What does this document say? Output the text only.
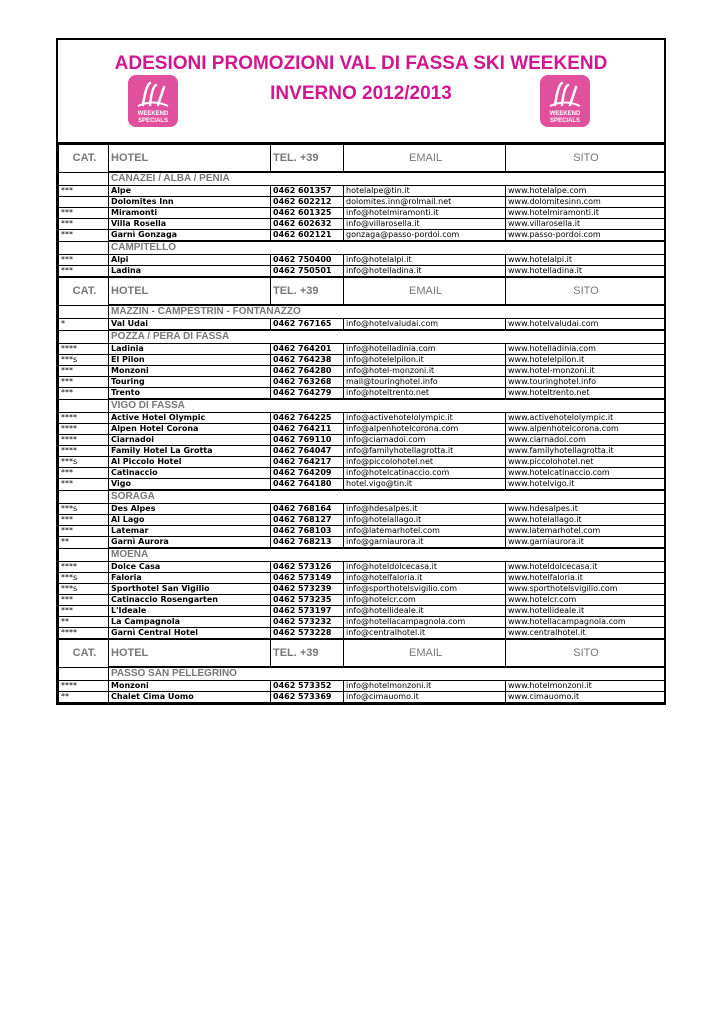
ADESIONI PROMOZIONI VAL DI FASSA SKI WEEKEND
INVERNO 2012/2013
WEEKEND
SPECIALS
WEEKEND
SPECIALS
CAT.	HOTEL	TEL. +39	EMAIL	SITO
	CANAZEI / ALBA / PENIA			
***	Alpe	0462 601357	hotelalpe@tin.it	www.hotelalpe.com
	Dolomites Inn	0462 602212	dolomites.inn@rolmail.net	www.dolomitesinn.com
***	Miramonti	0462 601325	info@hotelmiramonti.it	www.hotelmiramonti.it
***	Villa Rosella	0462 602632	info@villarosella.it	www.villarosella.it
***	Garnì Gonzaga	0462 602121	gonzaga@passo-pordoi.com	www.passo-pordoi.com
	CAMPITELLO			
***	Alpi	0462 750400	info@hotelalpi.it	www.hotelalpi.it
***	Ladina	0462 750501	info@hotelladina.it	www.hotelladina.it
CAT.	HOTEL	TEL. +39	EMAIL	SITO
	MAZZIN - CAMPESTRIN - FONTANAZZO			
*	Val Udai	0462 767165	info@hotelvaludai.com	www.hotelvaludai.com
	POZZA / PERA DI FASSA			
****	Ladinia	0462 764201	info@hotelladinia.com	www.hotelladinia.com
***s	El Pilon	0462 764238	info@hotelelpilon.it	www.hotelelpilon.it
***	Monzoni	0462 764280	info@hotel-monzoni.it	www.hotel-monzoni.it
***	Touring	0462 763268	mail@touringhotel.info	www.touringhotel.info
***	Trento	0462 764279	info@hoteltrento.net	www.hoteltrento.net
	VIGO DI FASSA			
****	Active Hotel Olympic	0462 764225	info@activehotelolympic.it	www.activehotelolympic.it
****	Alpen Hotel Corona	0462 764211	info@alpenhotelcorona.com	www.alpenhotelcorona.com
****	Ciarnadoi	0462 769110	info@ciarnadoi.com	www.ciarnadoi.com
****	Family Hotel La Grotta	0462 764047	info@familyhotellagrotta.it	www.familyhotellagrotta.it
***s	Al Piccolo Hotel	0462 764217	info@piccolohotel.net	www.piccolohotel.net
***	Catinaccio	0462 764209	info@hotelcatinaccio.com	www.hotelcatinaccio.com
***	Vigo	0462 764180	hotel.vigo@tin.it	www.hotelvigo.it
	SORAGA			
***s	Des Alpes	0462 768164	info@hdesalpes.it	www.hdesalpes.it
***	Al Lago	0462 768127	info@hotelallago.it	www.hotelallago.it
***	Latemar	0462 768103	info@latemarhotel.com	www.latemarhotel.com
**	Garnì Aurora	0462 768213	info@garniaurora.it	www.garniaurora.it
	MOENA			
****	Dolce Casa	0462 573126	info@hoteldolcecasa.it	www.hoteldolcecasa.it
***s	Faloria	0462 573149	info@hotelfaloria.it	www.hotelfaloria.it
***s	Sporthotel San Vigilio	0462 573239	info@sporthotelsvigilio.com	www.sporthotelsvigilio.com
***	Catinaccio Rosengarten	0462 573235	info@hotelcr.com	www.hotelcr.com
***	L'Ideale	0462 573197	info@hotellideale.it	www.hotellideale.it
**	La Campagnola	0462 573232	info@hotellacampagnola.com	www.hotellacampagnola.com
****	Garnì Central Hotel	0462 573228	info@centralhotel.it	www.centralhotel.it
CAT.	HOTEL	TEL. +39	EMAIL	SITO
	PASSO SAN PELLEGRINO			
****	Monzoni	0462 573352	info@hotelmonzoni.it	www.hotelmonzoni.it
**	Chalet Cima Uomo	0462 573369	info@cimauomo.it	www.cimauomo.it
